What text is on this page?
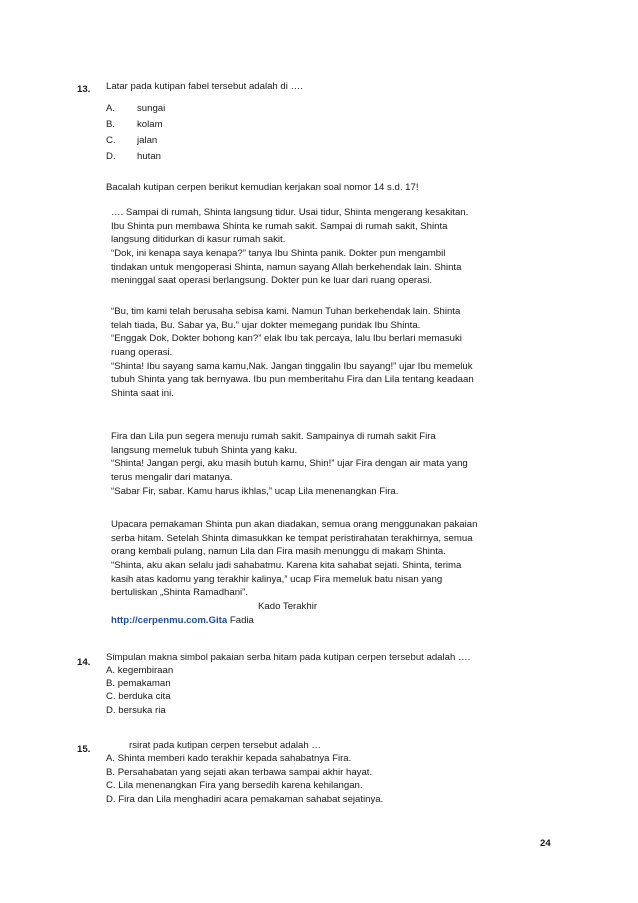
13. Latar pada kutipan fabel tersebut adalah di ….
A. sungai
B. kolam
C. jalan
D. hutan
Bacalah kutipan cerpen berikut kemudian kerjakan soal nomor 14 s.d. 17!
…. Sampai di rumah, Shinta langsung tidur. Usai tidur, Shinta mengerang kesakitan.
Ibu Shinta pun membawa Shinta ke rumah sakit. Sampai di rumah sakit, Shinta
langsung ditidurkan di kasur rumah sakit.
“Dok, ini kenapa saya kenapa?” tanya Ibu Shinta panik. Dokter pun mengambil
tindakan untuk mengoperasi Shinta, namun sayang Allah berkehendak lain. Shinta
meninggal saat operasi berlangsung. Dokter pun ke luar dari ruang operasi.
“Bu, tim kami telah berusaha sebisa kami. Namun Tuhan berkehendak lain. Shinta
telah tiada, Bu. Sabar ya, Bu.” ujar dokter memegang pundak Ibu Shinta.
“Enggak Dok, Dokter bohong kan?” elak Ibu tak percaya, lalu Ibu berlari memasuki
ruang operasi.
“Shinta! Ibu sayang sama kamu,Nak. Jangan tinggalin Ibu sayang!” ujar Ibu memeluk
tubuh Shinta yang tak bernyawa. Ibu pun memberitahu Fira dan Lila tentang keadaan
Shinta saat ini.
Fira dan Lila pun segera menuju rumah sakit. Sampainya di rumah sakit Fira
langsung memeluk tubuh Shinta yang kaku.
“Shinta! Jangan pergi, aku masih butuh kamu, Shin!” ujar Fira dengan air mata yang
terus mengalir dari matanya.
“Sabar Fir, sabar. Kamu harus ikhlas,” ucap Lila menenangkan Fira.
Upacara pemakaman Shinta pun akan diadakan, semua orang menggunakan pakaian
serba hitam. Setelah Shinta dimasukkan ke tempat peristirahatan terakhirnya, semua
orang kembali pulang, namun Lila dan Fira masih menunggu di makam Shinta.
“Shinta, aku akan selalu jadi sahabatmu. Karena kita sahabat sejati. Shinta, terima
kasih atas kadomu yang terakhir kalinya,” ucap Fira memeluk batu nisan yang
bertuliskan „Shinta Ramadhani‟.
Kado Terakhir
http://cerpenmu.com.Gita Fadia
14. Simpulan makna simbol pakaian serba hitam pada kutipan cerpen tersebut adalah ….
A. kegembiraan
B. pemakaman
C. berduka cita
D. bersuka ria
15.	rsirat pada kutipan cerpen tersebut adalah …
A. Shinta memberi kado terakhir kepada sahabatnya Fira.
B. Persahabatan yang sejati akan terbawa sampai akhir hayat.
C. Lila menenangkan Fira yang bersedih karena kehilangan.
D. Fira dan Lila menghadiri acara pemakaman sahabat sejatinya.
24
